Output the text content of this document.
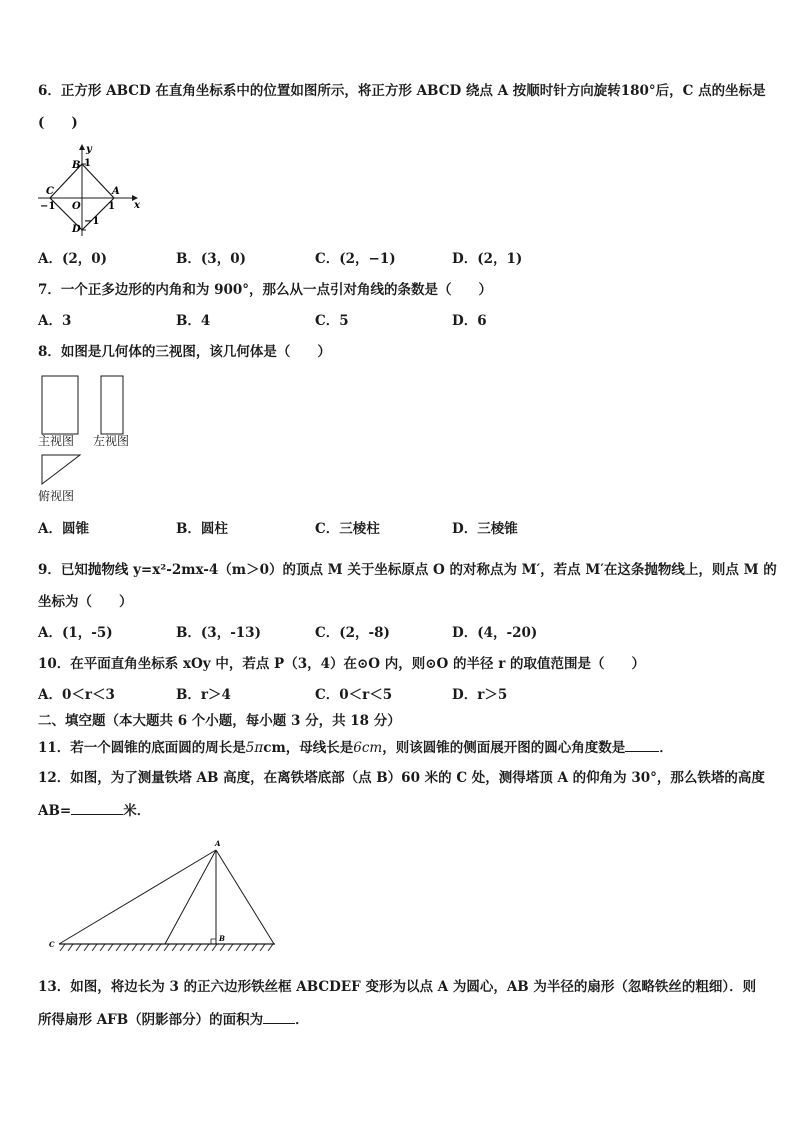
6．正方形 ABCD 在直角坐标系中的位置如图所示，将正方形 ABCD 绕点 A 按顺时针方向旋转180°后，C 点的坐标是
(　　)
x
y
O
A
B
C
D
1
−1
1
−1
A．(2，0)	B．(3，0)	C．(2，−1)	D．(2，1)
7．一个正多边形的内角和为 900°，那么从一点引对角线的条数是（　　）
A．3	B．4	C．5	D．6
8．如图是几何体的三视图，该几何体是（　　）
主视图 左视图
俯视图
A．圆锥	B．圆柱	C．三棱柱	D．三棱锥
9．已知抛物线 y=x²-2mx-4（m＞0）的顶点 M 关于坐标原点 O 的对称点为 M′，若点 M′在这条抛物线上，则点 M 的
坐标为（　　）
A．(1，-5)	B．(3，-13)	C．(2，-8)	D．(4，-20)
10．在平面直角坐标系 xOy 中，若点 P（3，4）在⊙O 内，则⊙O 的半径 r 的取值范围是（　　）
A．0＜r＜3	B．r＞4	C．0＜r＜5	D．r＞5
二、填空题（本大题共 6 个小题，每小题 3 分，共 18 分）
11．若一个圆锥的底面圆的周长是5πcm，母线长是6cm，则该圆锥的侧面展开图的圆心角度数是	．
12．如图，为了测量铁塔 AB 高度，在离铁塔底部（点 B）60 米的 C 处，测得塔顶 A 的仰角为 30°，那么铁塔的高度
AB=	米．
A
B
C
13．如图，将边长为 3 的正六边形铁丝框 ABCDEF 变形为以点 A 为圆心，AB 为半径的扇形（忽略铁丝的粗细）．则
所得扇形 AFB（阴影部分）的面积为 ．
